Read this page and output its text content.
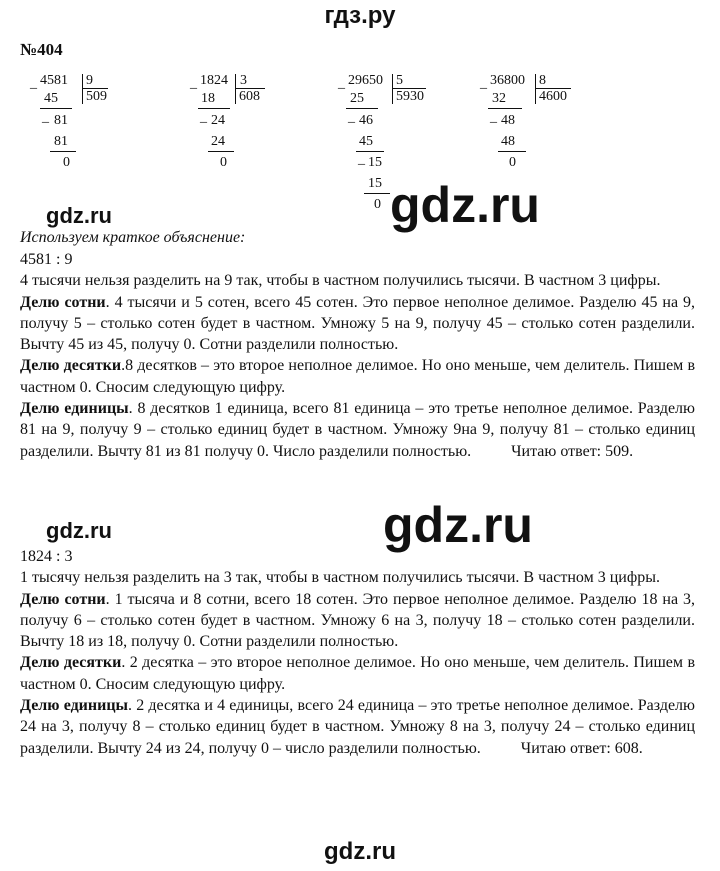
гдз.ру
№404
_ 4581 9
509
45
_ 81
81
0
_ 1824 3
608
18
_ 24
24
0
_ 29650 5
5930
25
_ 46
45
_ 15
15
0
_ 36800 8
4600
32
_ 48
48
0
gdz.ru	gdz.ru
Используем краткое объяснение:

4581 : 9

4 тысячи нельзя разделить на 9 так, чтобы в частном получились тысячи. В частном 3 цифры.

Делю сотни. 4 тысячи и 5 сотен, всего 45 сотен. Это первое неполное делимое. Разделю 45 на 9, получу 5 – столько сотен будет в частном. Умножу 5 на 9, получу 45 – столько сотен разделили. Вычту 45 из 45, получу 0. Сотни разделили полностью.

Делю десятки.8 десятков – это второе неполное делимое. Но оно меньше, чем делитель. Пишем в частном 0. Сносим следующую цифру.

Делю единицы. 8 десятков 1 единица, всего 81 единица – это третье неполное делимое. Разделю 81 на 9, получу 9 – столько единиц будет в частном. Умножу 9на 9, получу 81 – столько единиц разделили. Вычту 81 из 81 получу 0. Число разделили полностью.	Читаю ответ: 509.

gdz.ru	gdz.ru

1824 : 3

1 тысячу нельзя разделить на 3 так, чтобы в частном получились тысячи. В частном 3 цифры.

Делю сотни. 1 тысяча и 8 сотни, всего 18 сотен. Это первое неполное делимое. Разделю 18 на 3, получу 6 – столько сотен будет в частном. Умножу 6 на 3, получу 18 – столько сотен разделили. Вычту 18 из 18, получу 0. Сотни разделили полностью.

Делю десятки. 2 десятка – это второе неполное делимое. Но оно меньше, чем делитель. Пишем в частном 0. Сносим следующую цифру.

Делю единицы. 2 десятка и 4 единицы, всего 24 единица – это третье неполное делимое. Разделю 24 на 3, получу 8 – столько единиц будет в частном. Умножу 8 на 3, получу 24 – столько единиц разделили. Вычту 24 из 24, получу 0 – число разделили полностью.	Читаю ответ: 608.

gdz.ru
